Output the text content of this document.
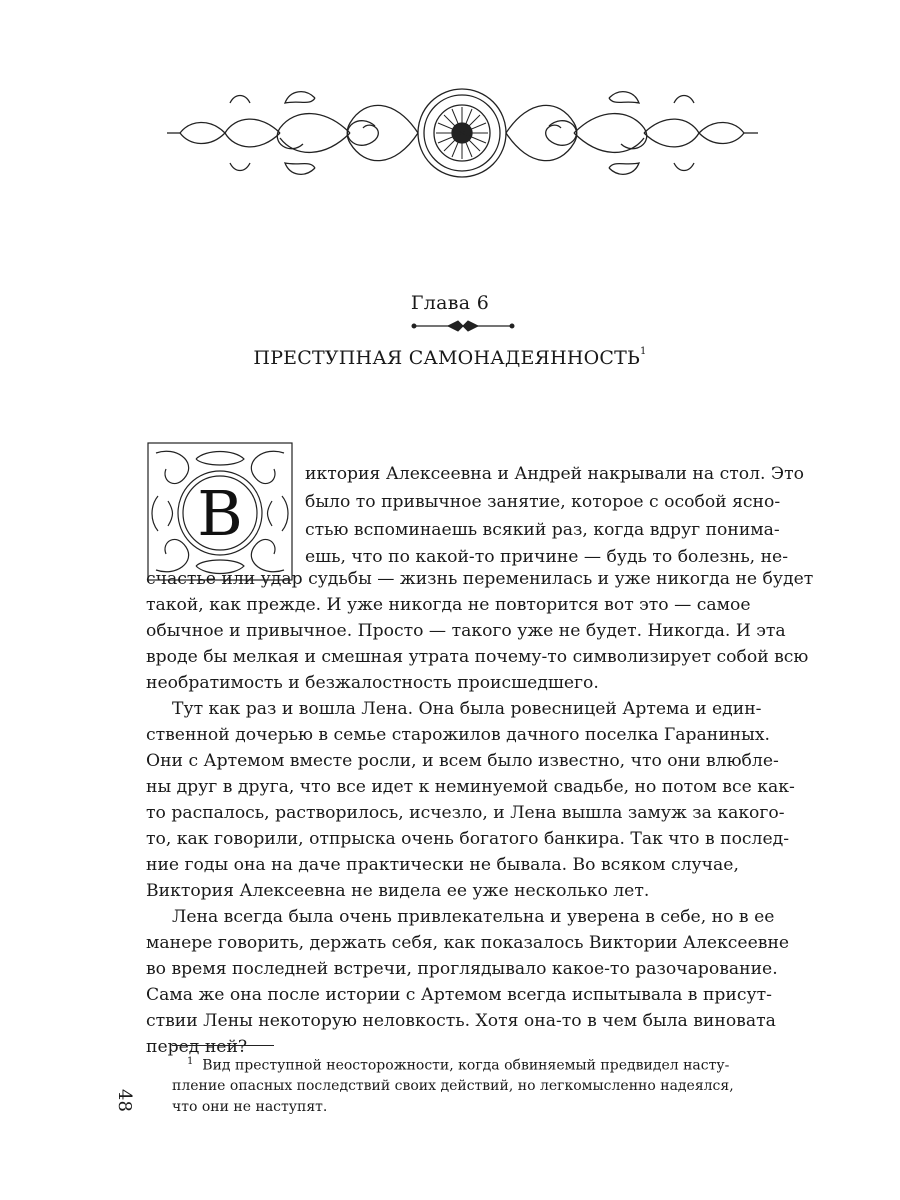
Глава 6
ПРЕСТУПНАЯ САМОНАДЕЯННОСТЬ$^1$
В
иктория Алексеевна и Андрей накрывали на стол. Это
было то привычное занятие, которое с особой ясно-
стью вспоминаешь всякий раз, когда вдруг понима-
ешь, что по какой-то причине — будь то болезнь, не-
счастье или удар судьбы — жизнь переменилась и уже никогда не будет
такой, как прежде. И уже никогда не повторится вот это — самое
обычное и привычное. Просто — такого уже не будет. Никогда. И эта
вроде бы мелкая и смешная утрата почему-то символизирует собой всю
необратимость и безжалостность происшедшего.
Тут как раз и вошла Лена. Она была ровесницей Артема и един-
ственной дочерью в семье старожилов дачного поселка Гараниных.
Они с Артемом вместе росли, и всем было известно, что они влюбле-
ны друг в друга, что все идет к неминуемой свадьбе, но потом все как-
то распалось, растворилось, исчезло, и Лена вышла замуж за какого-
то, как говорили, отпрыска очень богатого банкира. Так что в послед-
ние годы она на даче практически не бывала. Во всяком случае,
Виктория Алексеевна не видела ее уже несколько лет.
Лена всегда была очень привлекательна и уверена в себе, но в ее
манере говорить, держать себя, как показалось Виктории Алексеевне
во время последней встречи, проглядывало какое-то разочарование.
Сама же она после истории с Артемом всегда испытывала в присут-
ствии Лены некоторую неловкость. Хотя она-то в чем была виновата
перед ней?
$^1$ Вид преступной неосторожности, когда обвиняемый предвидел насту-
пление опасных последствий своих действий, но легкомысленно надеялся,
что они не наступят.
48
